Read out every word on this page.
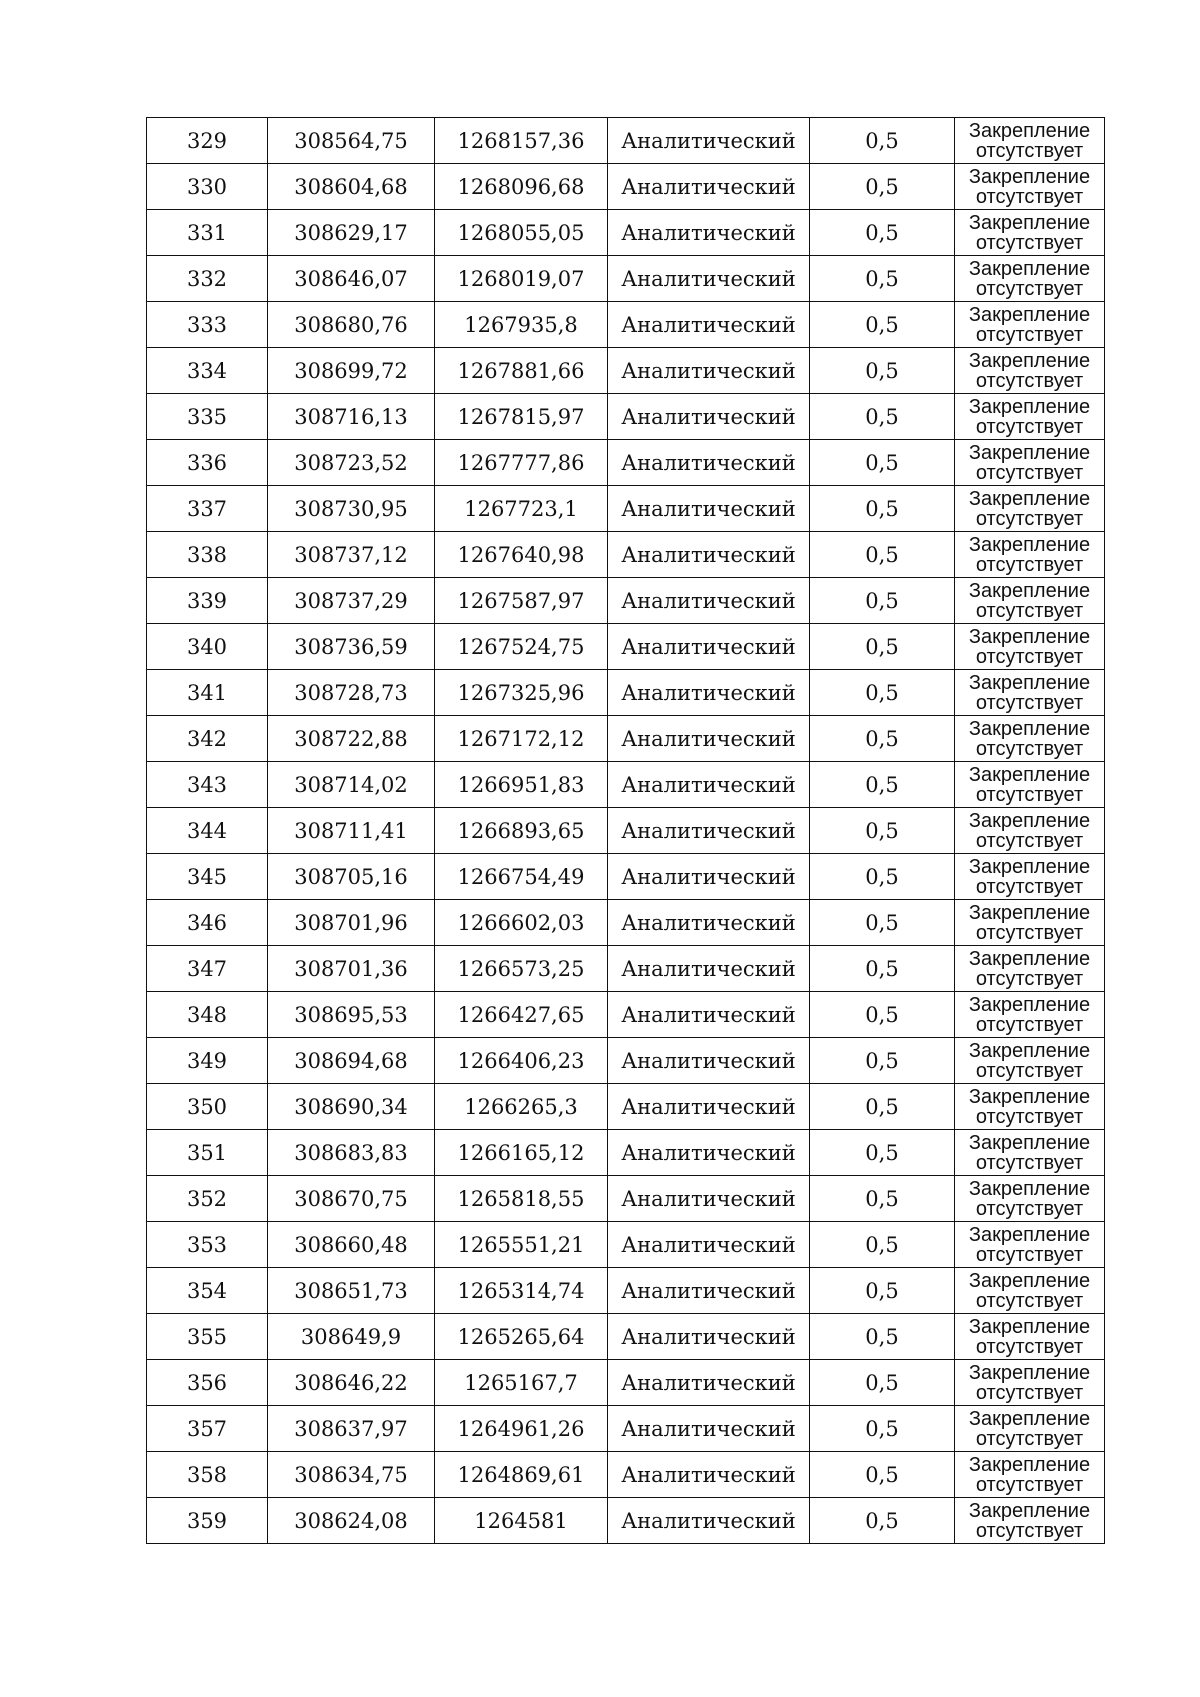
329	308564,75	1268157,36	Аналитический	0,5	Закрепление
отсутствует

330	308604,68	1268096,68	Аналитический	0,5	Закрепление
отсутствует

331	308629,17	1268055,05	Аналитический	0,5	Закрепление
отсутствует

332	308646,07	1268019,07	Аналитический	0,5	Закрепление
отсутствует

333	308680,76	1267935,8	Аналитический	0,5	Закрепление
отсутствует

334	308699,72	1267881,66	Аналитический	0,5	Закрепление
отсутствует

335	308716,13	1267815,97	Аналитический	0,5	Закрепление
отсутствует

336	308723,52	1267777,86	Аналитический	0,5	Закрепление
отсутствует

337	308730,95	1267723,1	Аналитический	0,5	Закрепление
отсутствует

338	308737,12	1267640,98	Аналитический	0,5	Закрепление
отсутствует

339	308737,29	1267587,97	Аналитический	0,5	Закрепление
отсутствует

340	308736,59	1267524,75	Аналитический	0,5	Закрепление
отсутствует

341	308728,73	1267325,96	Аналитический	0,5	Закрепление
отсутствует

342	308722,88	1267172,12	Аналитический	0,5	Закрепление
отсутствует

343	308714,02	1266951,83	Аналитический	0,5	Закрепление
отсутствует

344	308711,41	1266893,65	Аналитический	0,5	Закрепление
отсутствует

345	308705,16	1266754,49	Аналитический	0,5	Закрепление
отсутствует

346	308701,96	1266602,03	Аналитический	0,5	Закрепление
отсутствует

347	308701,36	1266573,25	Аналитический	0,5	Закрепление
отсутствует

348	308695,53	1266427,65	Аналитический	0,5	Закрепление
отсутствует

349	308694,68	1266406,23	Аналитический	0,5	Закрепление
отсутствует

350	308690,34	1266265,3	Аналитический	0,5	Закрепление
отсутствует

351	308683,83	1266165,12	Аналитический	0,5	Закрепление
отсутствует

352	308670,75	1265818,55	Аналитический	0,5	Закрепление
отсутствует

353	308660,48	1265551,21	Аналитический	0,5	Закрепление
отсутствует

354	308651,73	1265314,74	Аналитический	0,5	Закрепление
отсутствует

355	308649,9	1265265,64	Аналитический	0,5	Закрепление
отсутствует

356	308646,22	1265167,7	Аналитический	0,5	Закрепление
отсутствует

357	308637,97	1264961,26	Аналитический	0,5	Закрепление
отсутствует

358	308634,75	1264869,61	Аналитический	0,5	Закрепление
отсутствует

359	308624,08	1264581	Аналитический	0,5	Закрепление
отсутствует
